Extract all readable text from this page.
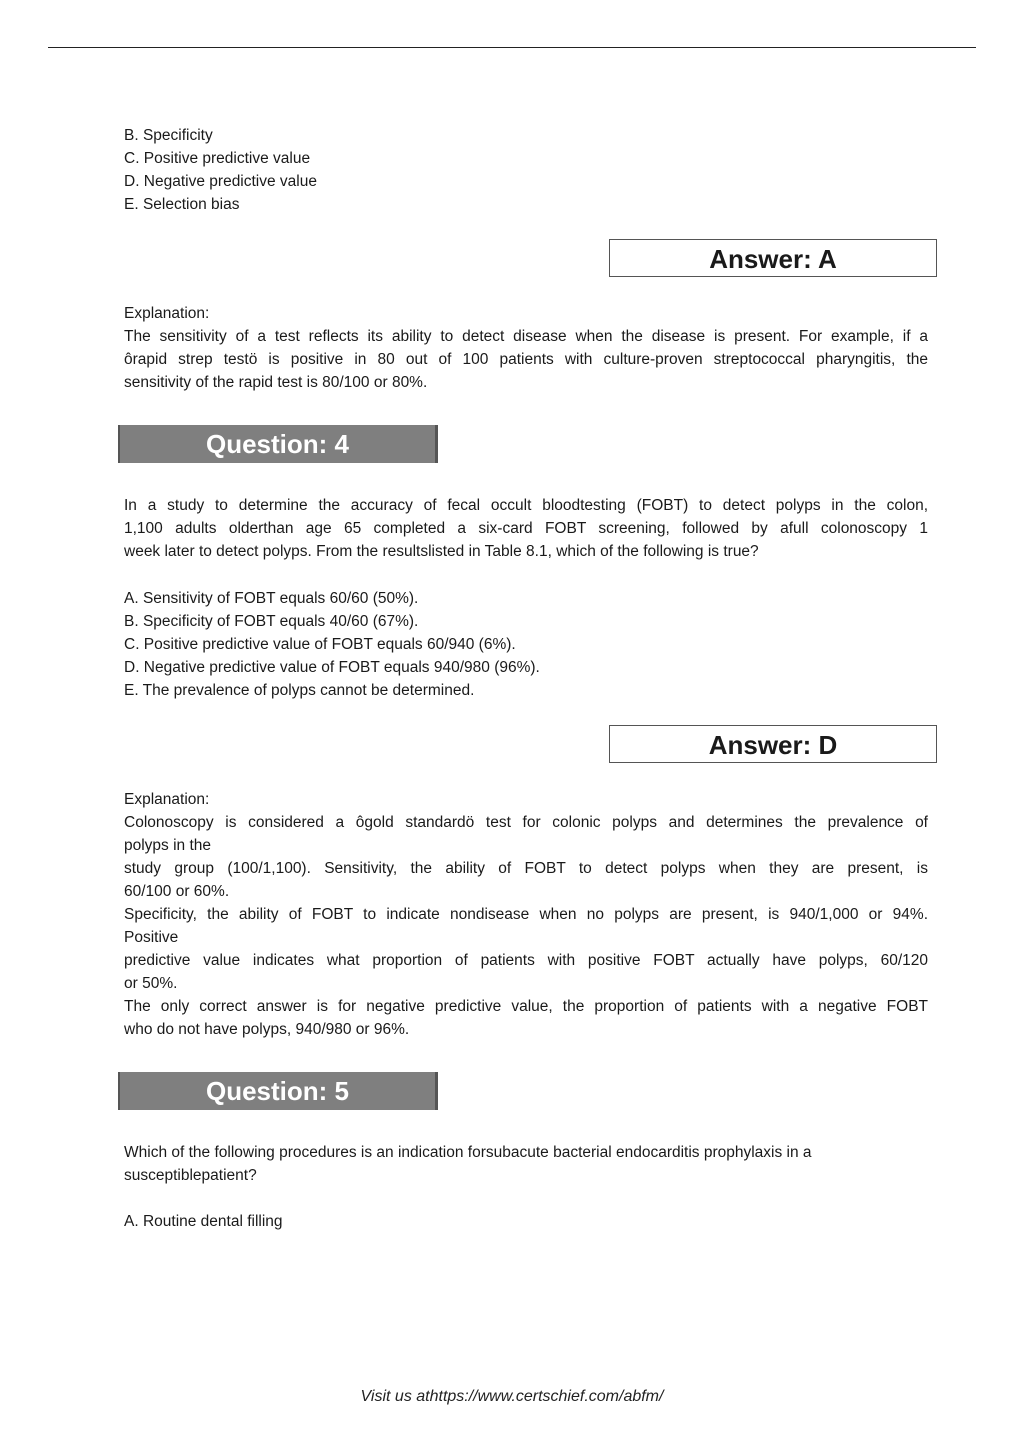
B. Specificity
C. Positive predictive value
D. Negative predictive value
E. Selection bias
Answer: A
Explanation:
The sensitivity of a test reflects its ability to detect disease when the disease is present. For example, if a
ôrapid strep testö is positive in 80 out of 100 patients with culture-proven streptococcal pharyngitis, the
sensitivity of the rapid test is 80/100 or 80%.
Question: 4
In a study to determine the accuracy of fecal occult bloodtesting (FOBT) to detect polyps in the colon,
1,100 adults olderthan age 65 completed a six-card FOBT screening, followed by afull colonoscopy 1
week later to detect polyps. From the resultslisted in Table 8.1, which of the following is true?
A. Sensitivity of FOBT equals 60/60 (50%).
B. Specificity of FOBT equals 40/60 (67%).
C. Positive predictive value of FOBT equals 60/940 (6%).
D. Negative predictive value of FOBT equals 940/980 (96%).
E. The prevalence of polyps cannot be determined.
Answer: D
Explanation:
Colonoscopy is considered a ôgold standardö test for colonic polyps and determines the prevalence of
polyps in the
study group (100/1,100). Sensitivity, the ability of FOBT to detect polyps when they are present, is
60/100 or 60%.
Specificity, the ability of FOBT to indicate nondisease when no polyps are present, is 940/1,000 or 94%.
Positive
predictive value indicates what proportion of patients with positive FOBT actually have polyps, 60/120
or 50%.
The only correct answer is for negative predictive value, the proportion of patients with a negative FOBT
who do not have polyps, 940/980 or 96%.
Question: 5
Which of the following procedures is an indication forsubacute bacterial endocarditis prophylaxis in a
susceptiblepatient?
A. Routine dental filling
Visit us athttps://www.certschief.com/abfm/
